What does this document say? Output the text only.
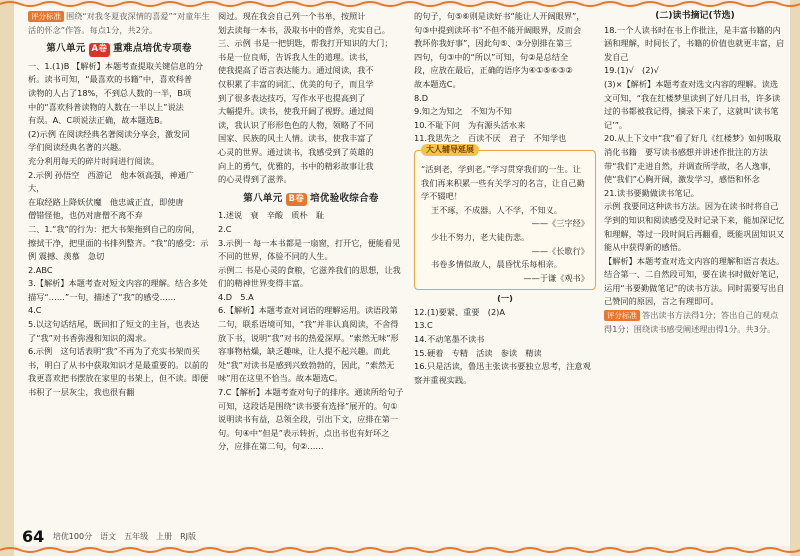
评分标准 围绕“对我冬夏夜深情的喜爱”“对童年生活的怀念”作答。每点1分，共2分。

第八单元 A卷 重难点培优专项卷

一、1.(1)B 【解析】本题考查提取关键信息的分

析。读书可知，“最喜欢的书籍”中，喜欢科普

读物的人占了18%，不到总人数的一半，B项

中的“喜欢科普读物的人数在一半以上”说法

有误。A、C项说法正确，故本题选B。

(2)示例 在阅读经典名著阅读分享会，激发同

学们阅读经典名著的兴趣。

充分利用每天的碎片时间进行阅读。

2.示例 孙悟空　西游记　他本领高强，神通广大，

在取经路上降妖伏魔　他忠诚正直，即使唐

僧错怪他，也仍对唐僧不离不弃

二、1.“我”的行为：把大书架拖到自己的房间，

擦拭干净，把里面的书排列整齐。“我”的感受：示例 震撼、羡慕　急切

2.ABC

3.【解析】本题考查对短文内容的理解。结合多处描写“……”一句，描述了“我”的感受……

4.C

5.以这句话结尾，既回扣了短文的主旨，也表达了“我”对书香弥漫和知识的渴求。

6.示例　这句话表明“我”不再为了充实书架而买书，明白了从书中获取知识才是最重要的。以前的我更喜欢把书摆放在家里的书架上，但不读。即便书积了一层灰尘，我也很有翻

阅过。现在我会自己列一个书单，按照计

划去读每一本书，汲取书中的营养，充实自己。

三、示例 书是一把钥匙，帮我打开知识的大门；

书是一位良师，告诉我人生的道理。读书，

使我提高了语言表达能力。通过阅读，我不

仅积累了丰富的词汇、优美的句子，而且学

到了很多表达技巧，写作水平也提高到了

大幅提升。读书，使我开阔了视野。通过阅

读，我认识了形形色色的人物，领略了不同

国家、民族的风土人情。读书，使我丰富了

心灵的世界。通过读书，我感受到了英雄的

向上的勇气，优雅的，书中的精彩故事让我

的心灵得到了滋养。

第八单元 B卷 培优验收综合卷

1.述说　衰　辛酸　质朴　耻

2.C

3.示例一 每一本书都是一扇窗，打开它，便能看见不同的世界，体验不同的人生。

示例二 书是心灵的食粮，它滋养我们的思想，让我们的精神世界变得丰富。

4.D　5.A

6.【解析】本题考查对词语的理解运用。读语段第二句，联系语境可知，“我”并非认真阅读，不舍得放下书，说明“我”对书的热爱深厚。“索然无味”形容事物枯燥，缺乏趣味，让人提不起兴趣。而此处“我”对读书是感到兴致勃勃的，因此，“索然无味”用在这里不恰当。故本题选C。

7.C【解析】本题考查对句子的排序。通读所给句子可知，这段话是围绕“读书要有选择”展开的。句①说明读书有益，总领全段，引出下文，应排在第一句。句④中“但是”表示转折，点出书也有好坏之分，应排在第二句，句②……

的句子，句⑤⑥则是读好书“能让人开阔眼界”，

句③中提到读坏书“不但不能开阔眼界，反而会

教坏你我好事”，因此句⑤、③分别排在第三

四句，句③中的“所以”可知，句②是总结全

段，应放在最后，正确的语序为④①⑤⑥③②

故本题选C。

8.D

9.知之为知之　不知为不知

10.不耻下问　为有源头活水来

11.我思先之　百读不厌　君子　不知学也

大人辅导延展

“活到老，学到老。”学习贯穿我们的一生。让我们再来积累一些有关学习的名言，让自己勤学不辍吧！

王不琢，不成器。人不学，不知义。

——《三字经》

少壮不努力，老大徒伤悲。

——《长歌行》

书卷多情似故人，晨昏忧乐每相亲。

——于谦《观书》

(一)

12.(1)要紧、重要　(2)A

13.C

14.不动笔墨不读书

15.硬着　专精　活读　参读　精读

16.只是活读，鲁迅主张读书要独立思考，注意观察并重视实践。

(二)读书摘记(节选)

18.一个人读书时在书上作批注，是丰富书籍的内涵和理解，时间长了，书籍的价值也就更丰富，启发自己

19.(1)√　(2)√

(3)×【解析】本题考查对选文内容的理解。读选文可知，“我在红楼梦里读到了好几日书，许多读过的书都被我记得，摘录下来了，这就叫‘读书笔记’”。

20.从上下文中“我”看了好几《红楼梦》如何吸取消化书籍　要写读书感想并讲述作批注的方法　带“我们”走进自然，并调查所学故，名人逸事，使“我们”心胸开阔，激发学习，感悟和怀念

21.读书要勤做读书笔记。

示例 我要同这种读书方法。因为在读书时将自己学到的知识和阅读感受及时记录下来，能加深记忆和理解，等过一段时间后再翻看，既能巩固知识又能从中获得新的感悟。

【解析】本题考查对选文内容的理解和语言表达。结合第一、二自然段可知，要在读书时做好笔记，运用“书要勤做笔记”的读书方法。同时需要写出自己赞同的原因，言之有理即可。

评分标准 答出读书方法得1分；答出自己的观点得1分；围绕读书感受阐述理由得1分。共3分。

64 培优100分　语文　五年级　上册　RJ版
